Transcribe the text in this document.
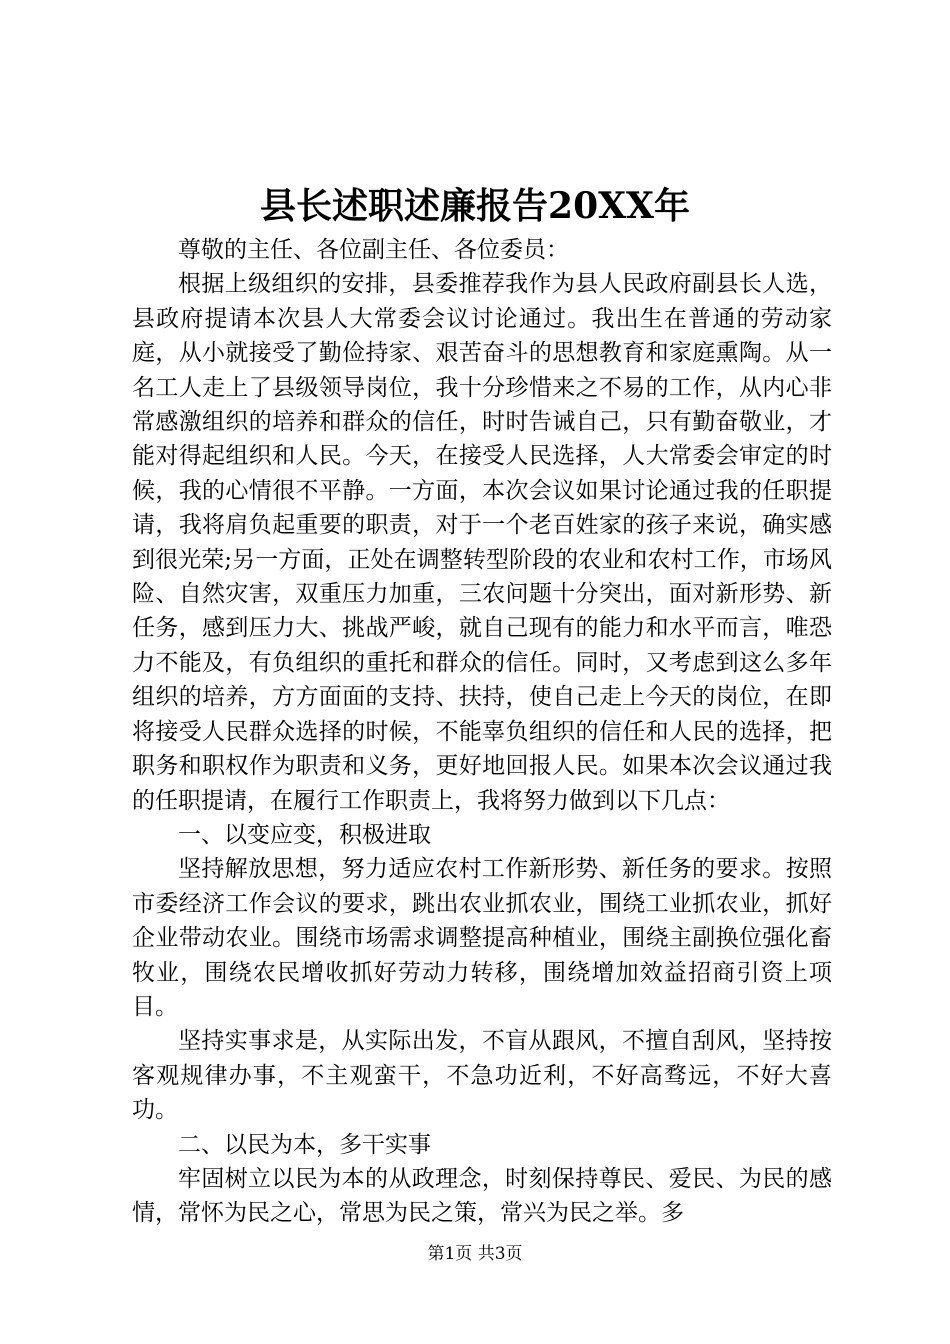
县长述职述廉报告20XX年

尊敬的主任、各位副主任、各位委员：

根据上级组织的安排，县委推荐我作为县人民政府副县长人选，县政府提请本次县人大常委会议讨论通过。我出生在普通的劳动家庭，从小就接受了勤俭持家、艰苦奋斗的思想教育和家庭熏陶。从一名工人走上了县级领导岗位，我十分珍惜来之不易的工作，从内心非常感激组织的培养和群众的信任，时时告诫自己，只有勤奋敬业，才能对得起组织和人民。今天，在接受人民选择，人大常委会审定的时候，我的心情很不平静。一方面，本次会议如果讨论通过我的任职提请，我将肩负起重要的职责，对于一个老百姓家的孩子来说，确实感到很光荣;另一方面，正处在调整转型阶段的农业和农村工作，市场风险、自然灾害，双重压力加重，三农问题十分突出，面对新形势、新任务，感到压力大、挑战严峻，就自己现有的能力和水平而言，唯恐力不能及，有负组织的重托和群众的信任。同时，又考虑到这么多年组织的培养，方方面面的支持、扶持，使自己走上今天的岗位，在即将接受人民群众选择的时候，不能辜负组织的信任和人民的选择，把职务和职权作为职责和义务，更好地回报人民。如果本次会议通过我的任职提请，在履行工作职责上，我将努力做到以下几点：

一、以变应变，积极进取

坚持解放思想，努力适应农村工作新形势、新任务的要求。按照市委经济工作会议的要求，跳出农业抓农业，围绕工业抓农业，抓好企业带动农业。围绕市场需求调整提高种植业，围绕主副换位强化畜牧业，围绕农民增收抓好劳动力转移，围绕增加效益招商引资上项目。

坚持实事求是，从实际出发，不盲从跟风，不擅自刮风，坚持按客观规律办事，不主观蛮干，不急功近利，不好高骛远，不好大喜功。

二、以民为本，多干实事

牢固树立以民为本的从政理念，时刻保持尊民、爱民、为民的感情，常怀为民之心，常思为民之策，常兴为民之举。多

第1页 共3页
